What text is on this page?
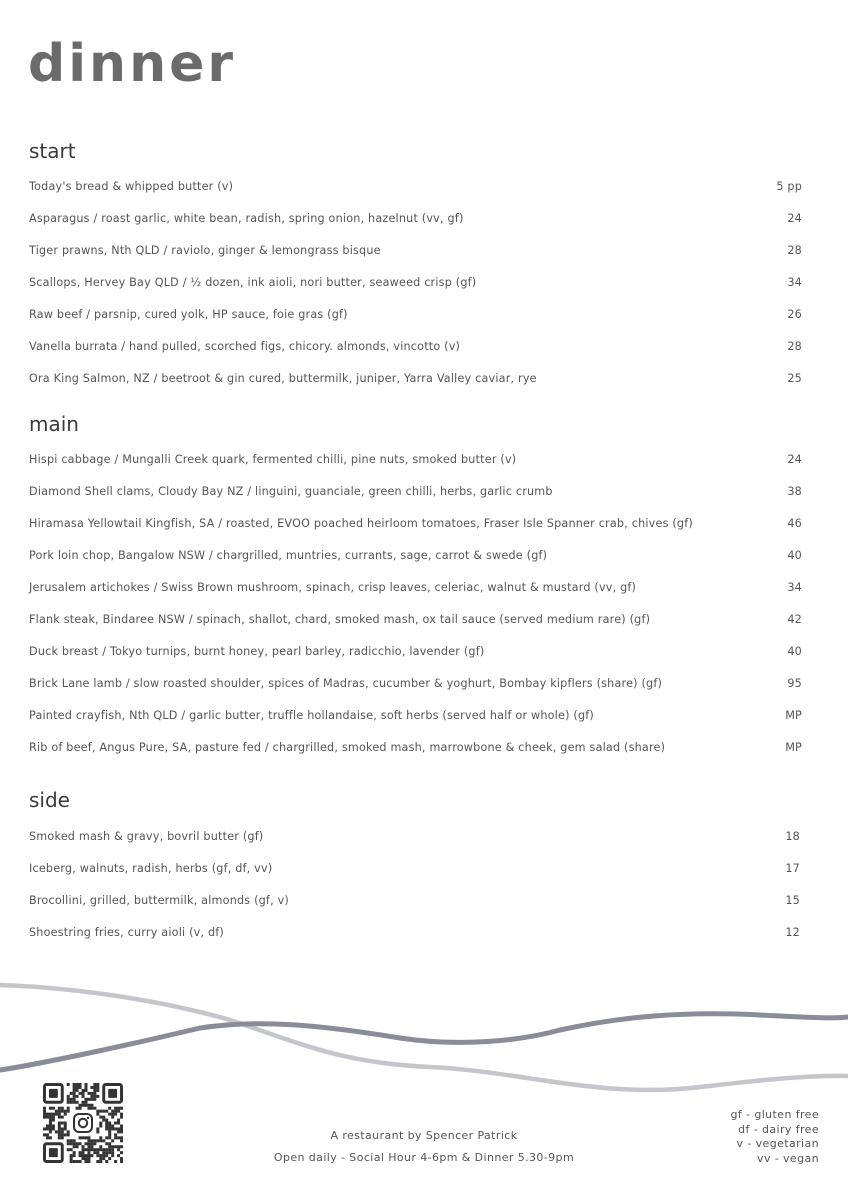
dinner
start
Today's bread & whipped butter (v)	5 pp
Asparagus / roast garlic, white bean, radish, spring onion, hazelnut (vv, gf)	24
Tiger prawns, Nth QLD / raviolo, ginger & lemongrass bisque	28
Scallops, Hervey Bay QLD / ½ dozen, ink aioli, nori butter, seaweed crisp (gf)	34
Raw beef / parsnip, cured yolk, HP sauce, foie gras (gf)	26
Vanella burrata / hand pulled, scorched figs, chicory. almonds, vincotto (v)	28
Ora King Salmon, NZ / beetroot & gin cured, buttermilk, juniper, Yarra Valley caviar, rye	25
main
Hispi cabbage / Mungalli Creek quark, fermented chilli, pine nuts, smoked butter (v)	24
Diamond Shell clams, Cloudy Bay NZ / linguini, guanciale, green chilli, herbs, garlic crumb	38
Hiramasa Yellowtail Kingfish, SA / roasted, EVOO poached heirloom tomatoes, Fraser Isle Spanner crab, chives (gf)	46
Pork loin chop, Bangalow NSW / chargrilled, muntries, currants, sage, carrot & swede (gf)	40
Jerusalem artichokes / Swiss Brown mushroom, spinach, crisp leaves, celeriac, walnut & mustard (vv, gf)	34
Flank steak, Bindaree NSW / spinach, shallot, chard, smoked mash, ox tail sauce (served medium rare) (gf)	42
Duck breast / Tokyo turnips, burnt honey, pearl barley, radicchio, lavender (gf)	40
Brick Lane lamb / slow roasted shoulder, spices of Madras, cucumber & yoghurt, Bombay kipflers (share) (gf)	95
Painted crayfish, Nth QLD / garlic butter, truffle hollandaise, soft herbs (served half or whole) (gf)	MP
Rib of beef, Angus Pure, SA, pasture fed / chargrilled, smoked mash, marrowbone & cheek, gem salad (share)	MP
side
Smoked mash & gravy, bovril butter (gf)	18
Iceberg, walnuts, radish, herbs (gf, df, vv)	17
Brocollini, grilled, buttermilk, almonds (gf, v)	15
Shoestring fries, curry aioli (v, df)	12
A restaurant by Spencer Patrick
Open daily - Social Hour 4-6pm & Dinner 5.30-9pm
gf - gluten free
df - dairy free
v - vegetarian
vv - vegan
